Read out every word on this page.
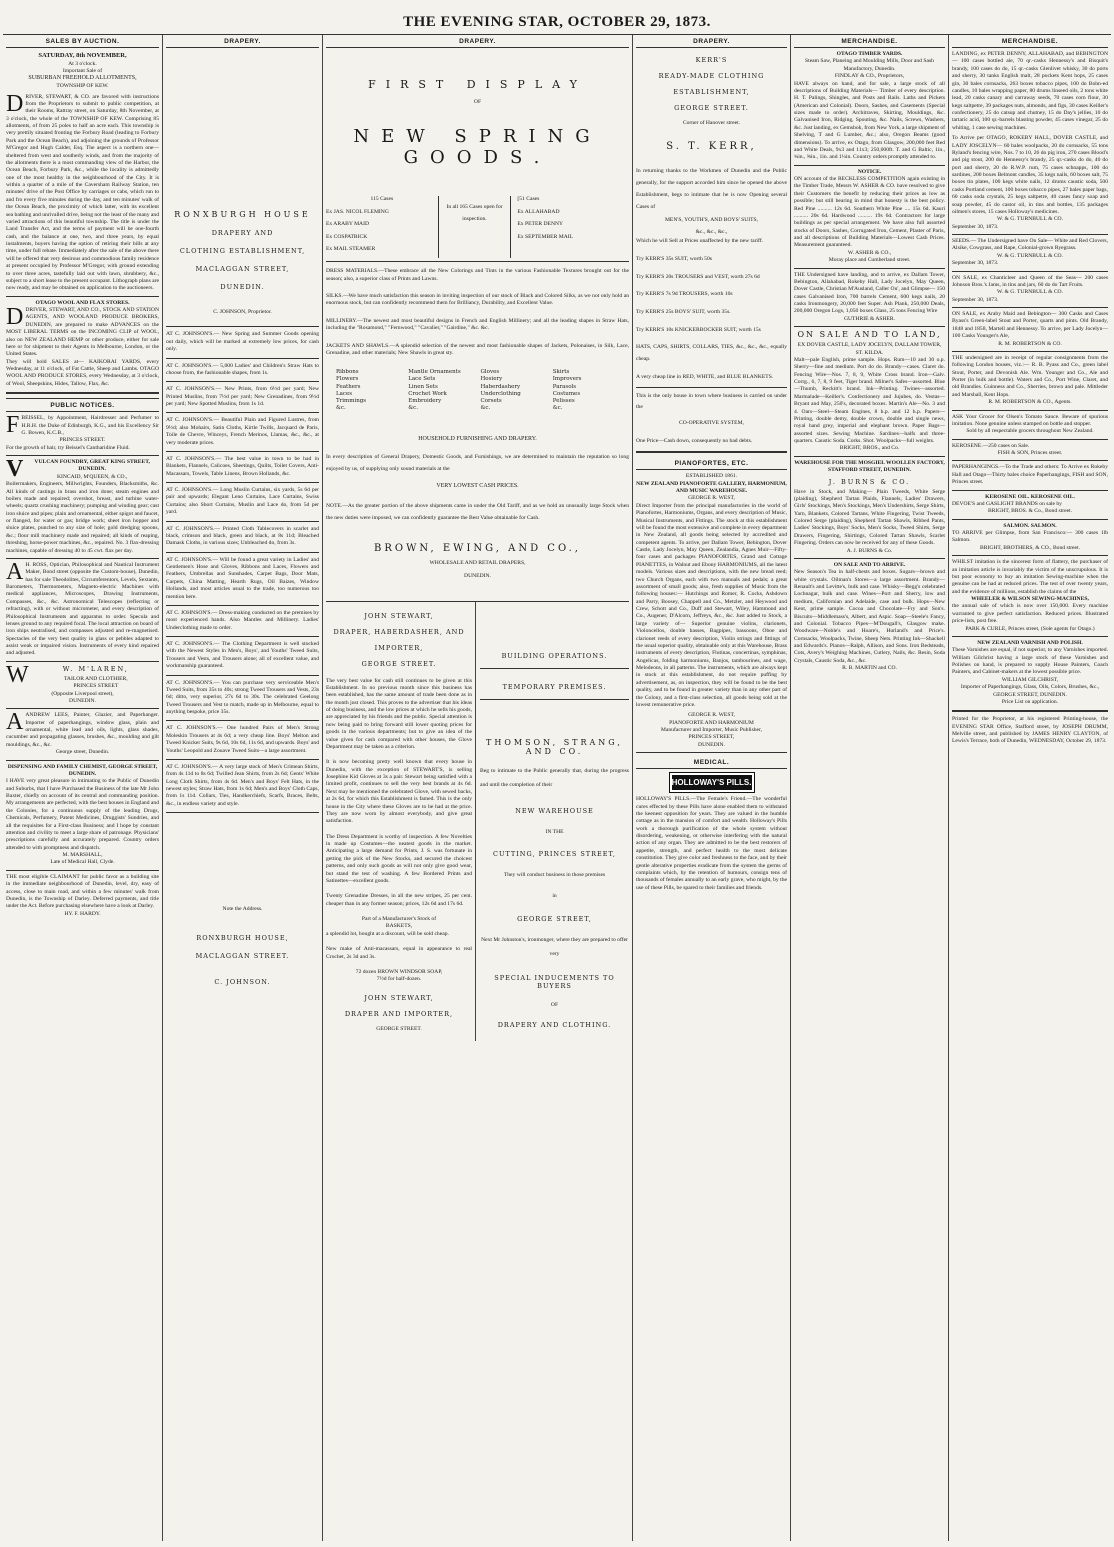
THE EVENING STAR, OCTOBER 29, 1873.
SALES BY AUCTION.
SATURDAY, 8th NOVEMBER,
At 3 o'clock.
Important Sale of
SUBURBAN FREEHOLD ALLOTMENTS,
TOWNSHIP OF KEW.
DRIVER, STEWART, & CO. are favored with instructions from the Proprietors to submit to public competition, at their Rooms, Rattray street, on Saturday, 8th November, at 3 o'clock, the whole of the TOWNSHIP OF KEW. Comprising 85 allotments, of from 25 poles to half an acre each. This township is very prettily situated fronting the Forbury Road (leading to Forbury Park and the Ocean Beach), and adjoining the grounds of Professor M'Gregor and Hugh Calder, Esq. The aspect is a northern one—sheltered from west and southerly winds, and from the majority of the allotments there is a most commanding view of the Harbor, the Ocean Beach, Forbury Park, &c., while the locality is admittedly one of the most healthy in the neighbourhood of the City. It is within a quarter of a mile of the Caversham Railway Station, ten minutes' drive of the Post Office by carriages or cabs, which run to and fro every five minutes during the day, and ten minutes' walk of the Ocean Beach, the proximity of which latter, with its excellent sea bathing and unrivalled drive, being not the least of the many and varied attractions of this beautiful township. The title is under the Land Transfer Act, and the terms of payment will be one-fourth cash, and the balance at one, two, and three years, by equal instalments, buyers having the option of retiring their bills at any time, under full rebate. Immediately after the sale of the above there will be offered that very desirous and commodious family residence at present occupied by Professor M'Gregor, with ground extending to over three acres, tastefully laid out with lawn, shrubbery, &c., subject to a short lease to the present occupant. Lithograph plans are now ready, and may be obtained on application to the auctioneers.
OTAGO WOOL AND FLAX STORES.
DDRIVER, STEWART, AND CO., STOCK AND STATION AGENTS, AND WOOLAND PRODUCE BROKERS, DUNEDIN, are prepared to make ADVANCES on the MOST LIBERAL TERMS on the INCOMING CLIP of WOOL, also on NEW ZEALAND HEMP or other produce, either for sale here or for shipment to their Agents in Melbourne, London, or the United States.
They will hold SALES at— KAIKORAI YARDS, every Wednesday, at 11 o'clock, of Fat Cattle, Sheep and Lambs. OTAGO WOOL AND PRODUCE STORES, every Wednesday, at 3 o'clock, of Wool, Sheepskins, Hides, Tallow, Flax, &c.
PUBLIC NOTICES.
FBEISSEL, by Appointment, Hairdresser and Perfumer to H.R.H. the Duke of Edinburgh, K.G., and his Excellency Sir G. Bowen, K.C.B.,
PRINCES STREET.
For the growth of hair, try Beissel's Cantharidine Fluid.
V VULCAN FOUNDRY, GREAT KING STREET, DUNEDIN.
KINCAID, M'QUEEN, & CO.,
Boilermakers, Engineers, Millwrights, Founders, Blacksmiths, &c. All kinds of castings in brass and iron done; steam engines and boilers made and repaired; overshot, breast, and turbine water-wheels; quartz crushing machinery; pumping and winding gear; cast iron sluice and pipes; plain and ornamental, either spigot and faucet, or flanged, for water or gas; bridge work; sheet iron hopper and sluice plates, punched to any size of hole; gold dredging spoons, &c.; flour mill machinery made and repaired; all kinds of reaping, threshing, horse-power machines, &c., repaired. No. 3 flax-dressing machines, capable of dressing 40 to 45 cwt. flax per day.
A H. ROSS, Optician, Philosophical and Nautical Instrument Maker, Bond street (opposite the Custom-house), Dunedin, has for sale Theodolites, Circumferentors, Levels, Sextants, Barometers, Thermometers, Magneto-electric Machines with medical appliances, Microscopes, Drawing Instruments, Compasses, &c., &c. Astronomical Telescopes (reflecting or refracting), with or without micrometer, and every description of Philosophical Instruments and apparatus to order. Specula and lenses ground to any required focal. The local attraction on board of iron ships neutralised, and compasses adjusted and re-magnetised. Spectacles of the very best quality in glass or pebbles adapted to assist weak or impaired vision. Instruments of every kind repaired and adjusted.
W	W. M'LAREN,
TAILOR AND CLOTHIER,
PRINCES STREET
(Opposite Liverpool street),
DUNEDIN.
AANDREW LEES, Painter, Glazier, and Paperhanger. Importer of paperhangings, window glass, plain and ornamental, white lead and oils, lights, glass shades, cucumber and propagating glasses, brushes, &c., moulding and gilt mouldings, &c., &c.
George street, Dunedin.
DISPENSING AND FAMILY CHEMIST, GEORGE STREET, DUNEDIN.
I HAVE very great pleasure in intimating to the Public of Dunedin and Suburbs, that I have Purchased the Business of the late Mr John Baxter, chiefly on account of its central and commanding position. My arrangements are perfected, with the best houses in England and the Colonies, for a continuous supply of the leading Drugs, Chemicals, Perfumery, Patent Medicines, Druggists' Sundries, and all the requisites for a First-class Business; and I hope by constant attention and civility to meet a large share of patronage. Physicians' prescriptions carefully and accurately prepared. Country orders attended to with promptness and dispatch.
M. MARSHALL,
Late of Medical Hall, Clyde.
THE most eligible CLAIMANT for public favor as a building site in the immediate neighbourhood of Dunedin, level, dry, easy of access, close to main road, and within a few minutes' walk from Dunedin, is the Township of Darley. Deferred payments, and title under the Act. Before purchasing elsewhere have a look at Darley.
HY. F. HARDY.
DRAPERY.
RONXBURGH HOUSE
DRAPERY AND
CLOTHING ESTABLISHMENT,
MACLAGGAN STREET,
DUNEDIN.
C. JOHNSON, Proprietor.
AT C. JOHNSON'S.— New Spring and Summer Goods opening out daily, which will be marked at extremely low prices, for cash only.
AT C. JOHNSON'S.— 5,000 Ladies' and Children's Straw Hats to choose from, the fashionable shapes, from 1s.
AT C. JOHNSON'S.— New Prints, from 6½d per yard; New Printed Muslins, from 7½d per yard; New Grenadines, from 9½d per yard; New Spotted Muslins, from 1s 1d.
AT C. JOHNSON'S.— Beautiful Plain and Figured Lustres, from 9½d; also Mohairs, Satin Cloths, Kirtle Twills, Jacquard de Paris, Toile de Chevre, Winceys, French Merinos, Llamas, &c., &c., at very moderate prices.
AT C. JOHNSON'S.— The best value in town to be had in Blankets, Flannels, Calicoes, Sheetings, Quilts, Toilet Covers, Anti-Macassars, Towels, Table Linens, Brown Hollands, &c.
AT C. JOHNSON'S.— Long Muslin Curtains, six yards, 5s 6d per pair and upwards; Elegant Leno Curtains, Lace Curtains, Swiss Curtains; also Short Curtains, Muslin and Lace do, from 5d per yard.
AT C. JOHNSON'S.— Printed Cloth Tablecovers in scarlet and black, crimson and black, green and black, at 8s 11d; Bleached Damask Cloths, in various sizes; Unbleached do, from 3s.
AT C. JOHNSON'S.— Will be found a great variety in Ladies' and Gentlemen's Hose and Gloves, Ribbons and Laces, Flowers and Feathers, Umbrellas and Sunshades, Carpet Bags, Door Mats, Carpets, China Matting, Hearth Rugs, Oil Baizes, Window Hollands, and most articles usual to the trade, too numerous too mention here.
AT C. JOHNSON'S.— Dress-making conducted on the premises by most experienced hands. Also Mantles and Millinery. Ladies' Underclothing made to order.
AT C. JOHNSON'S.— The Clothing Department is well stocked with the Newest Styles in Men's, Boys', and Youths' Tweed Suits, Trousers and Vests, and Trousers alone; all of excellent value, and workmanship guaranteed.
AT C. JOHNSON'S.— You can purchase very serviceable Men's Tweed Suits, from 35s to 40s; strong Tweed Trousers and Vests, 23s 6d; ditto, very superior, 27s 6d to 30s. The celebrated Geelong Tweed Trousers and Vest to match, made up in Melbourne, equal to anything bespoke, price 35s.
AT C. JOHNSON'S.— One hundred Pairs of Men's Strong Moleskin Trousers at 4s 6d; a very cheap line. Boys' Melton and Tweed Knicker Suits, 9s 6d, 10s 6d, 11s 6d, and upwards. Boys' and Youths' Leopold and Zouave Tweed Suits—a large assortment.
AT C. JOHNSON'S.— A very large stock of Men's Crimean Shirts, from 4s 11d to 8s 6d; Twilled Jean Shirts, from 2s 6d; Gents' White Long Cloth Shirts, from 4s 6d. Men's and Boys' Felt Hats, in the newest styles; Straw Hats, from 1s 6d; Men's and Boys' Cloth Caps, from 1s 11d. Collars, Ties, Handkerchiefs, Scarfs, Braces, Belts, &c., in endless variety and style.
Note the Address.
RONXBURGH HOUSE,
MACLAGGAN STREET.
C. JOHNSON.
DRAPERY.
FIRST DISPLAY
OF
NEW SPRING GOODS.
115 Cases
Ex JAS. NICOL FLEMING
Ex ARABY MAID
Ex COSPATRICK
Ex MAIL STEAMER
In all 165 Cases open for inspection.
[51 Cases
Ex ALLAHABAD
Ex PETER DENNY
Ex SEPTEMBER MAIL
DRESS MATERIALS.—These embrace all the New Colorings and Tints in the various Fashionable Textures brought out for the season; also, a superior class of Prints and Lawns.
SILKS.—We have much satisfaction this season in inviting inspection of our stock of Black and Colored Silks, as we not only hold an enormous stock, but can confidently recommend them for Brilliancy, Durability, and Excellent Value.
MILLINERY.—The newest and most beautiful designs in French and English Millinery; and all the leading shapes in Straw Hats, including the "Rosamond," "Fernwood," "Cavalier," "Gairdine," &c. &c.
JACKETS AND SHAWLS.—A splendid selection of the newest and most fashionable shapes of Jackets, Polonaises, in Silk, Lace, Grenadine, and other materials; New Shawls in great sty.
Ribbons
Flowers
Feathers
Laces
Trimmings
&c.
Mantle Ornaments
Lace Sets
Linen Sets
Crochet Work
Embroidery
&c.
Gloves
Hosiery
Haberdashery
Underclothing
Corsets
&c.
Skirts
Improvers
Parasols
Costumes
Pelisses
&c.
HOUSEHOLD FURNISHING AND DRAPERY.
In every description of General Drapery, Domestic Goods, and Furnishings, we are determined to maintain the reputation so long enjoyed by us, of supplying only sound materials at the
VERY LOWEST CASH PRICES.
NOTE.—As the greater portion of the above shipments came in under the Old Tariff, and as we hold an unusually large Stock when the new duties were imposed, we can confidently guarantee the Best Value obtainable for Cash.
BROWN, EWING, AND CO.,
WHOLESALE AND RETAIL DRAPERS,
DUNEDIN.
JOHN STEWART,
DRAPER, HABERDASHER, AND
IMPORTER,
GEORGE STREET.
The very best value for cash still continues to be given at this Establishment. In no previous month since this business has been established, has the same amount of trade been done as in the month just closed. This proves to the advertiser that his ideas of doing business, and the low prices at which he sells his goods, are appreciated by his friends and the public. Special attention is now being paid to bring forward still lower quoting prices for goods in the various departments; but to give an idea of the value given for cash compared with other houses, the Glove Department may be taken as a criterion.
It is now becoming pretty well known that every house in Dunedin, with the exception of STEWART'S, is selling Josephine Kid Gloves at 3s a pair. Stewart being satisfied with a limited profit, continues to sell the very best brands at 4s 6d. Next may be mentioned the celebrated Glove, with sewed backs, at 2s 6d, for which this Establishment is famed. This is the only house in the City where these Gloves are to be had at the price. They are now worn by almost everybody, and give great satisfaction.
The Dress Department is worthy of inspection. A few Novelties in made up Costumes—the neatest goods in the market. Anticipating a large demand for Prints, J. S. was fortunate in getting the pick of the New Stocks, and secured the choicest patterns, and only such goods as will not only give good wear, but stand the test of washing. A few Bordered Prints and Satinettes—excellent goods.
Twenty Grenadine Dresses, in all the new stripes, 25 per cent. cheaper than in any former season; prices, 12s 6d and 17s 6d.
Part of a Manufacturer's Stock of
BASKETS,
a splendid lot, bought at a discount, will be sold cheap.
New make of Anti-macassars, equal in appearance to real Crochet, 2s 3d and 3s.
72 dozen BROWN WINDSOR SOAP,
7½d for half-dozen.
JOHN STEWART,
DRAPER AND IMPORTER,
GEORGE STREET.
BUILDING OPERATIONS.
TEMPORARY PREMISES.
THOMSON, STRANG, AND CO.
Beg to intimate to the Public generally that, during the progress and until the completion of their
NEW WAREHOUSE
IN THE
CUTTING, PRINCES STREET,
They will conduct business in those premises
in
GEORGE STREET,
Next Mr Johnston's, ironmonger, where they are prepared to offer very
SPECIAL INDUCEMENTS TO BUYERS
OF
DRAPERY AND CLOTHING.
DRAPERY.
KERR'S
READY-MADE CLOTHING
ESTABLISHMENT,
GEORGE STREET.
Corner of Hanover street.
S. T. KERR,
In returning thanks to the Workmen of Dunedin and the Public generally, for the support accorded him since he opened the above Establishment, begs to intimate that he is now Opening several Cases of
MEN'S, YOUTH'S, AND BOYS' SUITS,
&c., &c., &c.,
Which he will Sell at Prices unaffected by the new tariff.
Try KERR'S 35s SUIT, worth 50s
Try KERR'S 20s TROUSERS and VEST, worth 27s 6d
Try KERR'S 7s 9d TROUSERS, worth 10s
Try KERR'S 25s BOYS' SUIT, worth 35s.
Try KERR'S 10s KNICKERBOCKER SUIT, worth 15s
HATS, CAPS, SHIRTS, COLLARS, TIES, &c., &c., &c., equally cheap.
A very cheap line in RED, WHITE, and BLUE BLANKETS.
This is the only house in town where business is carried on under the
CO-OPERATIVE SYSTEM,
One Price—Cash down, consequently no bad debts.
PIANOFORTES, ETC.
ESTABLISHED 1861.
NEW ZEALAND PIANOFORTE GALLERY, HARMONIUM, AND MUSIC WAREHOUSE.
GEORGE R. WEST,
Direct Importer from the principal manufactories in the world of Pianofortes, Harmoniums, Organs, and every description of Music, Musical Instruments, and Fittings. The stock at this establishment will be found the most extensive and complete in every department in New Zealand, all goods being selected by accredited and competent agents. To arrive, per Dallam Tower, Bebington, Dover Castle, Lady Jocelyn, May Queen, Zealandia, Agnes Muir—Fifty-four cases and packages PIANOFORTES, Grand and Cottage PIANETTES, in Walnut and Ebony HARMONIUMS, all the latest models. Various sizes and descriptions, with the new bread reed; two Church Organs, each with two manuals and pedals; a great assortment of small goods; also, fresh supplies of Music from the following houses:— Hutchings and Romer, R. Cocks, Ashdown and Parry, Boosey, Chappell and Co., Metzler, and Heywood and Crew, Schott and Co., Duff and Stewart, Wiley, Hammond and Co., Augener, D'Alcorn, Jeffreys, &c., &c. Just added to Stock, a large variety of— Superior genuine violins, clarionets, Violoncellos, double basses, Bagpipes, bassoons, Oboe and clarionet reeds of every description, Violin strings and fittings of the usual superior quality, obtainable only at this Warehouse, Brass instruments of every description, Flutinas, concertinas, symphinas, Angelicas, folding harmoniums, Banjos, tambourines, and wage, Melodeons, in all patterns. The instruments, which are always kept in stock at this establishment, do not require puffing by advertisement, as, on inspection, they will be found to be the best quality, and to be found in greater variety than in any other part of the Colony, and a first-class selection, all goods being sold at the lowest remunerative price.
GEORGE R. WEST,
PIANOFORTE AND HARMONIUM
Manufacturer and Importer, Music Publisher,
PRINCES STREET,
DUNEDIN.
MEDICAL.
HOLLOWAY'S PILLS.
HOLLOWAY'S PILLS.—The Female's Friend.—The wonderful cures effected by these Pills have alone enabled them to withstand the keenest opposition for years. They are valued in the humble cottage as in the mansion of comfort and wealth. Holloway's Pills work a thorough purification of the whole system without disordering, weakening, or otherwise interfering with the natural action of any organ. They are admitted to be the best restorers of appetite, strength, and perfect health to the most delicate constitution. They give color and freshness to the face, and by their gentle alterative properties eradicate from the system the germs of complaints which, by the retention of humours, consign tens of thousands of females annually to an early grave, who might, by the use of these Pills, be spared to their families and friends.
MERCHANDISE.
OTAGO TIMBER YARDS.
Steam Saw, Planeing and Moulding Mills, Door and Sash Manufactory, Dunedin.
FINDLAY & CO., Proprietors,
HAVE always on hand, and for sale, a large stock of all descriptions of Building Materials— Timber of every description. H. T. Palings, Shingles, and Posts and Rails. Laths and Pickets (American and Colonial). Doors, Sashes, and Casements (Special sizes made to order). Architraves, Skirting, Mouldings, &c. Galvanised Iron, Ridging, Spouting, &c. Nails, Screws, Washers, &c. Just landing, ex Gemsbok, from New York, a large shipment of Shelving, T and G Lumber, &c.; also, Oregon Beams (good dimensions). To arrive, ex Otago, from Glasgow, 200,000 feet Red and White Deals, 9x3 and 11x3; 250,000ft. T. and G Baltic, 1in., ¾in., ⅝in., 1in. and 1¼in. Country orders promptly attended to.
NOTICE.
ON account of the RECKLESS COMPETITION again existing in the Timber Trade, Messrs W. ASHER & CO. have resolved to give their Customers the benefit by reducing their prices as low as possible; but still bearing in mind that honesty is the best policy. Red Pine .......... 12s 6d. Southern White Pine .... 15s 6d. Kauri .......... 20s 6d. Hardwood .......... 19s 6d. Contractors for large buildings as per special arrangement. We have also full assorted stocks of Doors, Sashes, Corrugated Iron, Cement, Plaster of Paris, and all descriptions of Building Materials—Lowest Cash Prices. Measurement guaranteed.
W. ASHER & CO.,
Moray place and Cumberland street.
THE Undersigned have landing, and to arrive, ex Dallam Tower, Bebington, Allahabad, Rokeby Hall, Lady Jocelyn, May Queen, Dover Castle, Christian M'Ausland, Caller Ou', and Glimpse— 150 cases Galvanised Iron, 700 barrels Cement, 600 kegs nails, 20 casks Ironmongery, 20,000 feet Super. Ash Plank, 250,000 Deals, 200,000 Oregon Logs, 1,050 boxes Glass, 25 tons Fencing Wire
GUTHRIE & ASHER.
ON SALE AND TO LAND,
EX DOVER CASTLE, LADY JOCELYN, DALLAM TOWER, ST. KILDA.
Malt—pale English, prime sample. Hops. Rum—10 and 30 o.p. Sherry—fine and medium. Port do do. Brandy—cases. Claret do. Fencing Wire—Nos. 7, 8, 9, White Cross brand. Iron—Galv. Corrg., 6, 7, 8, 9 feet, Tiger brand. Milner's Safes—assorted. Blue—Thumb, Reckitt's brand. Ink—Printing. Twines—assorted. Marmalade—Keiller's. Confectionery and Jujubes, do. Vestas—Bryant and May, 250's, decorated boxes. Martin's Ale—No. 3 and 4. Oars—Steel—Steam Engines, 8 h.p. and 12 h.p. Papers—Printing, double demy, double crown, double and single news, royal hand grey, imperial and elephant brown. Paper Bags—assorted sizes. Sewing Machine. Sardines—halfs and three-quarters. Caustic Soda. Corks. Shot. Woolpacks—full weights.
BRIGHT, BROS., and Co.
WAREHOUSE FOR THE MOSGIEL WOOLLEN FACTORY, STAFFORD STREET, DUNEDIN.
J. BURNS & CO.
Have in Stock, and Making— Plain Tweeds, White Serge (plaiding), Shepherd Tartan Plaids, Flannels, Ladies' Drawers, Girls' Stockings, Men's Stockings, Men's Undershirts, Serge Shirts, Yarn, Blankets, Colored Tartans, White Fingering, Twist Tweeds, Colored Serge (plaiding), Shepherd Tartan Shawls, Ribbed Pants, Ladies' Stockings, Boys' Socks, Men's Socks, Tweed Shirts, Serge Drawers, Fingering, Shirtings, Colored Tartan Shawls, Scarlet Fingering. Orders can now be received for any of these Goods.
A. J. BURNS & Co.
ON SALE AND TO ARRIVE.
New Season's Tea in half-chests and boxes. Sugars—brown and white crystals. Oilman's Stores—a large assortment. Brandy—Renault's and Levitte's, bulk and case. Whisky—Begg's celebrated Lochnagar, bulk and case. Wines—Port and Sherry, low and medium, Californian and Adelaide, case and bulk. Hops—New Kent, prime sample. Cocoa and Chocolate—Fry and Son's. Biscuits—Middlemass's, Albert, and Aspic. Soap—Steele's Fancy, and Colonial. Tobacco Pipes—M'Dougall's, Glasgow make. Woodware—Noble's and Hoare's, Hurland's and Price's. Cornsacks, Woolpacks, Twine, Sheep Nets. Printing Ink—Shackell and Edwards's. Pianos—Ralph, Allison, and Sons. Iron Bedsteads, Cots, Avery's Weighing Machines, Cutlery, Nails, &c. Resin, Soda Crystals, Caustic Soda, &c., &c.
R. B. MARTIN and CO.
MERCHANDISE.
LANDING, ex PETER DENNY, ALLAHABAD, and BEBINGTON— 100 cases bottled ale, 70 qr.-casks Hennessy's and Bisquit's brandy, 100 cases do do, 15 qr.-casks Glenlivet whisky, 30 do ports and sherry, 30 tanks English malt, 28 pockets Kent hops, 25 cases gin, 30 bales cornsacks, 263 boxes tobacco pipes, 100 do Bohn-ed candles, 10 bales wrapping paper, 80 drums linseed oils, 2 tons white lead, 20 casks canary and carraway seeds, 70 cases corn flour, 30 kegs saltpetre, 39 packages nuts, almonds, and figs, 30 cases Keiller's confectionery, 25 do catsup and chutney, 15 do Day's jellies, 10 do tartaric acid, 100 qr.-barrels blasting powder, 45 cases vinegar, 25 do whiting, 1 case sewing machines.
To Arrive per OTAGO, ROKEBY HALL, DOVER CASTLE, and LADY JOSCELYN— 60 bales woolpacks, 20 do cornsacks, 55 tons Ryland's fencing wire, Nos. 7 to 10, 26 do pig iron, 270 cases Blood's and pig stout, 200 do Hennessy's brandy, 25 qr.-casks do do, 40 do port and sherry, 20 do R.W.P. rum, 75 cases schnapps, 100 do sardines, 200 boxes Belmont candles, 35 kegs nails, 60 boxes salt, 75 boxes tin plates, 100 kegs white nails, 12 drums caustic soda, 500 casks Portland cement, 100 boxes tobacco pipes, 27 bales paper bags, 60 casks soda crystals, 25 kegs saltpetre, 40 cases fancy soap and soap powder, 45 do castor oil, in tins and bottles, 135 packages oilmen's stores, 15 cases Holloway's medicines.
W. & G. TURNBULL & CO.
September 30, 1873.
SEEDS.— The Undersigned have On Sale— White and Red Clovers, Alsike, Cowgrass, and Rape, Colonial-grown Ryegrass.
W. & G. TURNBULL & CO.
September 30, 1873.
ON SALE, ex Chanticleer and Queen of the Seas— 200 cases Johnson Bros.'s Jams, in tins and jars, 60 do do Tart Fruits.
W. & G. TURNBULL & CO.
September 30, 1873.
ON SALE, ex Araby Maid and Bebington— 300 Casks and Cases Byass's Green-label Stout and Porter, quarts and pints. Old Brandy, 1848 and 1858, Martell and Hennessy. To arrive, per Lady Jocelyn— 100 Casks Younger's Ale,
R. M. ROBERTSON & CO.
THE undersigned are in receipt of regular consignments from the following London houses, viz.:— R. B. Pyass and Co., green label Stout, Porter, and Devonish Ale. Wm. Younger and Co., Ale and Porter (in bulk and bottle). Waters and Co., Port Wine, Claret, and old Brandies. Guinness and Co., Sherries, brown and pale. Mittleder and Marshall, Kent Hops.
R. M. ROBERTSON & CO., Agents.
ASK Your Grocer for Olsen's Tomato Sauce. Beware of spurious imitation. None genuine unless stamped on bottle and stopper.
Sold by all respectable grocers throughout New Zealand.
KEROSENE.—250 cases on Sale.
FISH & SON, Princes street.
PAPERHANGINGS.—To the Trade and others: To Arrive ex Rokeby Hall and Otago—Thirty bales choice Paperhangings, FISH and SON, Princes street.
KEROSENE OIL. KEROSENE OIL.
DEVOE'S and GASLIGHT BRANDS on sale by
BRIGHT, BROS. & Co., Bond street.
SALMON. SALMON.
TO ARRIVE per Glimpse, from San Francisco:— 300 cases 1lb Salmon.
BRIGHT, BROTHERS, & CO., Bond street.
WHILST imitation is the sincerest form of flattery, the purchaser of an imitation article is invariably the victim of the unscrupulous. It is but poor economy to buy an imitation Sewing-machine when the genuine can be had at reduced prices. The test of over twenty years, and the evidence of millions, establish the claims of the
WHEELER & WILSON SEWING-MACHINES,
the annual sale of which is now over 150,000. Every machine warranted to give perfect satisfaction. Reduced prices. Illustrated price-lists, post free.
PARK & CURLE, Princes street, (Sole agents for Otago.)
NEW ZEALAND VARNISH AND POLISH.
These Varnishes are equal, if not superior, to any Varnishes imported. William Gilchrist having a large stock of these Varnishes and Polishes on hand, is prepared to supply House Painters, Coach Painters, and Cabinet-makers at the lowest possible price.
WILLIAM GILCHRIST,
Importer of Paperhangings, Glass, Oils, Colors, Brushes, &c.,
GEORGE STREET, DUNEDIN.
Price List on application.
Printed for the Proprietor, at his registered Printing-house, the EVENING STAR Office, Stafford street, by JOSEPH DRUMM, Melville street, and published by JAMES HENRY CLAYTON, of Lewis's Terrace, both of Dunedin, WEDNESDAY, October 29, 1873.
